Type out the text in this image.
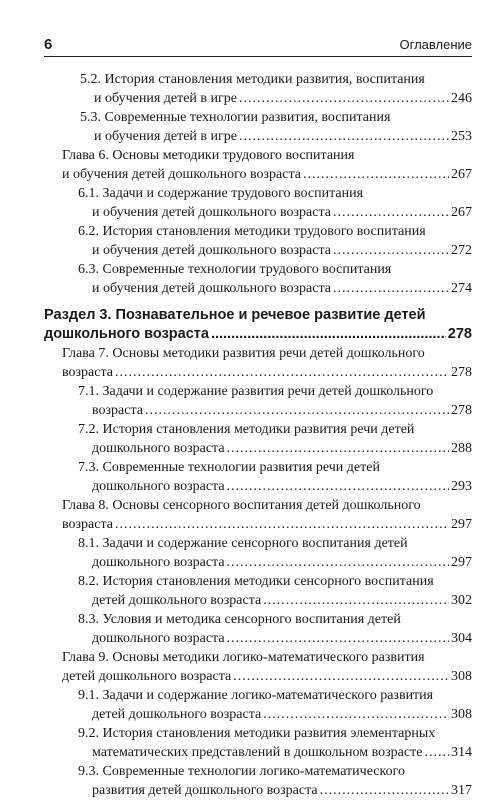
6	Оглавление
5.2. История становления методики развития, воспитания
и обучения детей в игре .....	246
5.3. Современные технологии развития, воспитания
и обучения детей в игре .....	253
Глава 6. Основы методики трудового воспитания
и обучения детей дошкольного возраста .....	267
6.1. Задачи и содержание трудового воспитания
и обучения детей дошкольного возраста .....	267
6.2. История становления методики трудового воспитания
и обучения детей дошкольного возраста .....	272
6.3. Современные технологии трудового воспитания
и обучения детей дошкольного возраста .....	274
Раздел 3. Познавательное и речевое развитие детей
дошкольного возраста .....	278
Глава 7. Основы методики развития речи детей дошкольного
возраста .....	278
7.1. Задачи и содержание развития речи детей дошкольного
возраста .....	278
7.2. История становления методики развития речи детей
дошкольного возраста .....	288
7.3. Современные технологии развития речи детей
дошкольного возраста .....	293
Глава 8. Основы сенсорного воспитания детей дошкольного
возраста .....	297
8.1. Задачи и содержание сенсорного воспитания детей
дошкольного возраста .....	297
8.2. История становления методики сенсорного воспитания
детей дошкольного возраста .....	302
8.3. Условия и методика сенсорного воспитания детей
дошкольного возраста .....	304
Глава 9. Основы методики логико-математического развития
детей дошкольного возраста .....	308
9.1. Задачи и содержание логико-математического развития
детей дошкольного возраста .....	308
9.2. История становления методики развития элементарных
математических представлений в дошкольном возрасте ..... 314
9.3. Современные технологии логико-математического
развития детей дошкольного возраста .....	317
